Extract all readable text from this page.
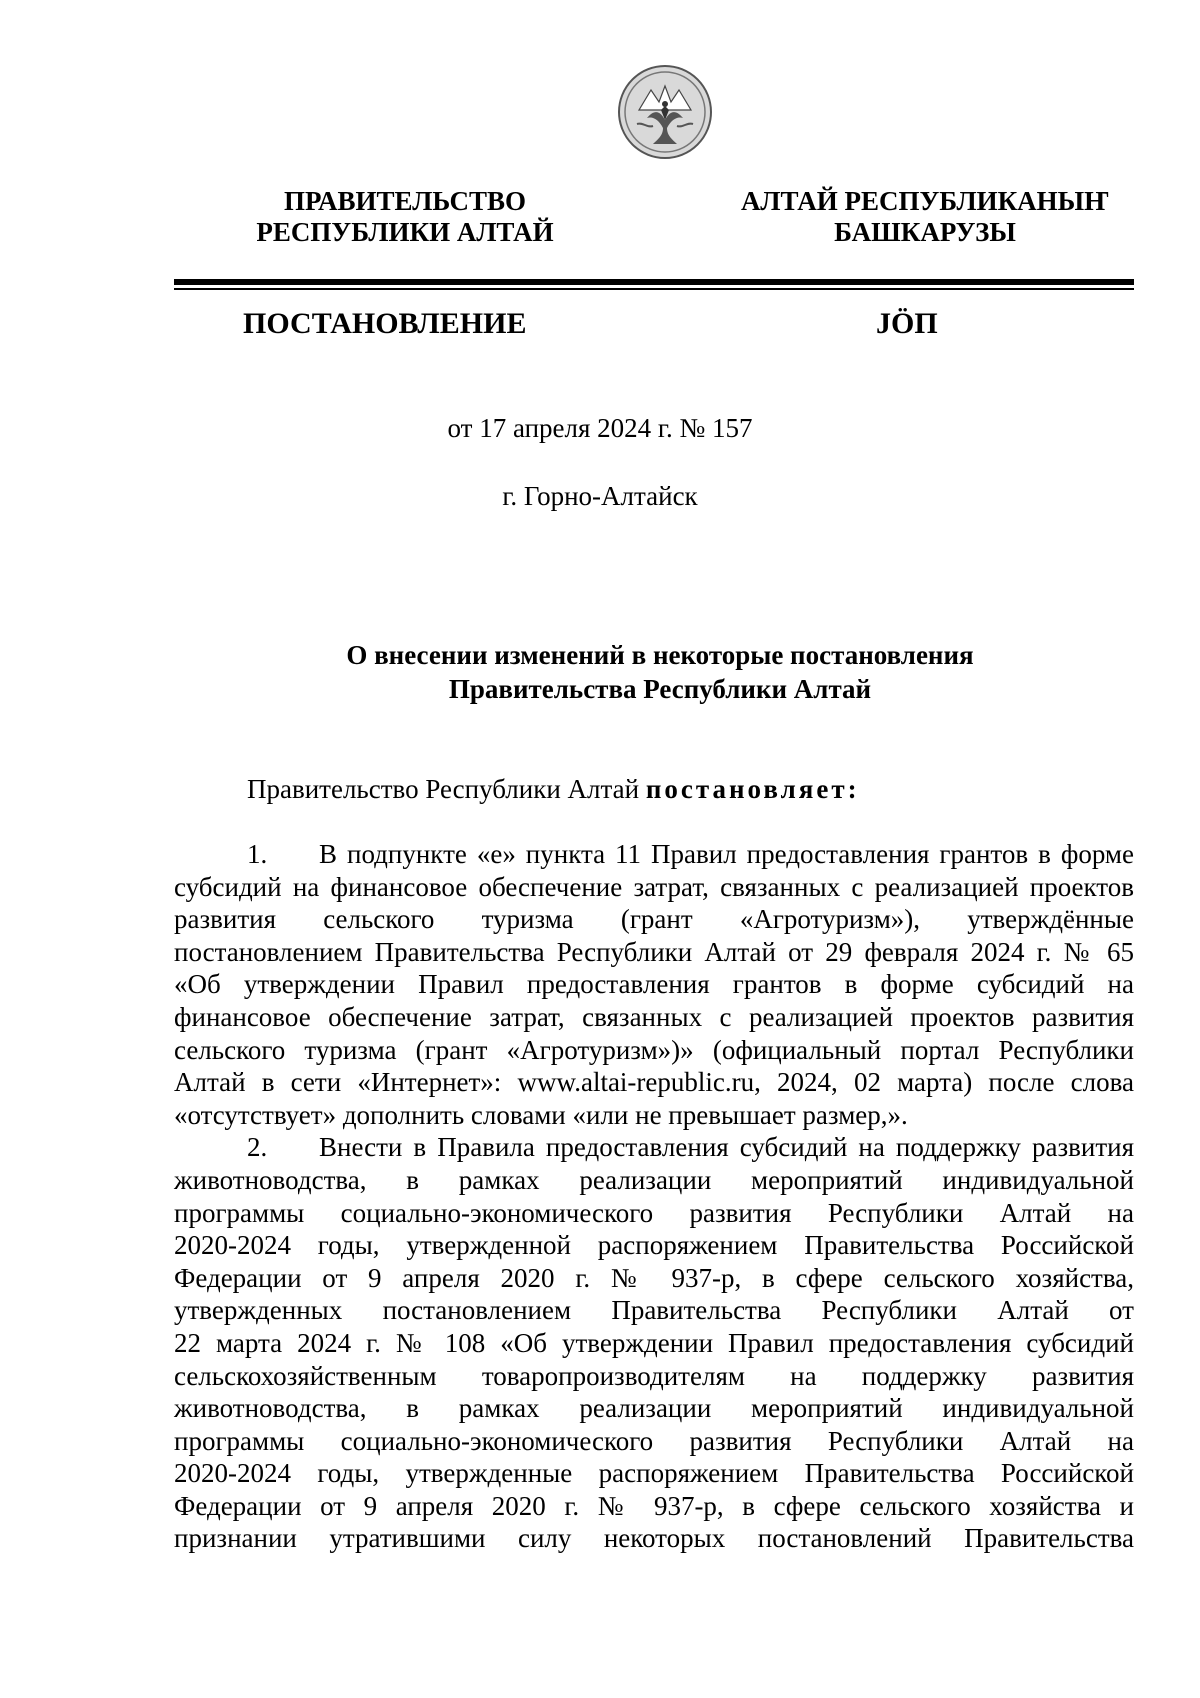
ПРАВИТЕЛЬСТВО
РЕСПУБЛИКИ АЛТАЙ
АЛТАЙ РЕСПУБЛИКАНЫҤ
БАШКАРУЗЫ
ПОСТАНОВЛЕНИЕ	JӦП
от 17 апреля 2024 г. № 157
г. Горно-Алтайск
О внесении изменений в некоторые постановления
Правительства Республики Алтай
Правительство Республики Алтай постановляет:
1. В подпункте «е» пункта 11 Правил предоставления грантов в форме
субсидий на финансовое обеспечение затрат, связанных с реализацией проектов
развития сельского туризма (грант «Агротуризм»), утверждённые
постановлением Правительства Республики Алтай от 29 февраля 2024 г. № 65
«Об утверждении Правил предоставления грантов в форме субсидий на
финансовое обеспечение затрат, связанных с реализацией проектов развития
сельского туризма (грант «Агротуризм»)» (официальный портал Республики
Алтай в сети «Интернет»: www.altai-republic.ru, 2024, 02 марта) после слова
«отсутствует» дополнить словами «или не превышает размер,».
2. Внести в Правила предоставления субсидий на поддержку развития
животноводства, в рамках реализации мероприятий индивидуальной
программы социально-экономического развития Республики Алтай на
2020-2024 годы, утвержденной распоряжением Правительства Российской
Федерации от 9 апреля 2020 г. № 937-р, в сфере сельского хозяйства,
утвержденных постановлением Правительства Республики Алтай от
22 марта 2024 г. № 108 «Об утверждении Правил предоставления субсидий
сельскохозяйственным товаропроизводителям на поддержку развития
животноводства, в рамках реализации мероприятий индивидуальной
программы социально-экономического развития Республики Алтай на
2020-2024 годы, утвержденные распоряжением Правительства Российской
Федерации от 9 апреля 2020 г. № 937-р, в сфере сельского хозяйства и
признании утратившими силу некоторых постановлений Правительства
